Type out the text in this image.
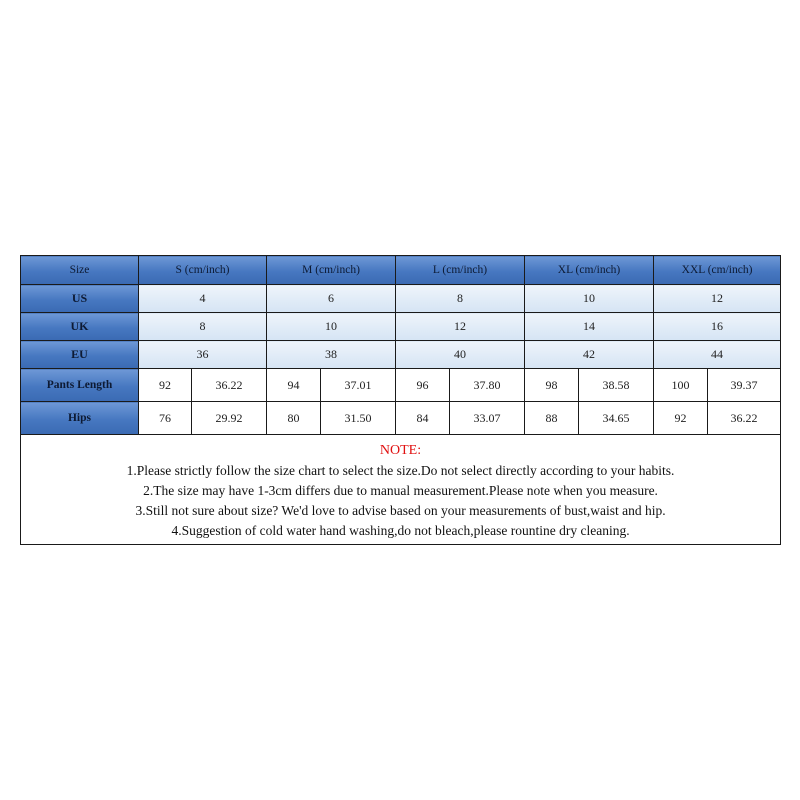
Size	S (cm/inch)		M (cm/inch)		L (cm/inch)		XL (cm/inch)		XXL (cm/inch)	
US	4		6		8		10		12	
UK	8		10		12		14		16	
EU	36		38		40		42		44	
Pants Length	92	36.22	94	37.01	96	37.80	98	38.58	100	39.37
Hips	76	29.92	80	31.50	84	33.07	88	34.65	92	36.22

NOTE:
1.Please strictly follow the size chart to select the size.Do not select directly according to your habits.
2.The size may have 1-3cm differs due to manual measurement.Please note when you measure.
3.Still not sure about size? We'd love to advise based on your measurements of bust,waist and hip.
4.Suggestion of cold water hand washing,do not bleach,please rountine dry cleaning.										
